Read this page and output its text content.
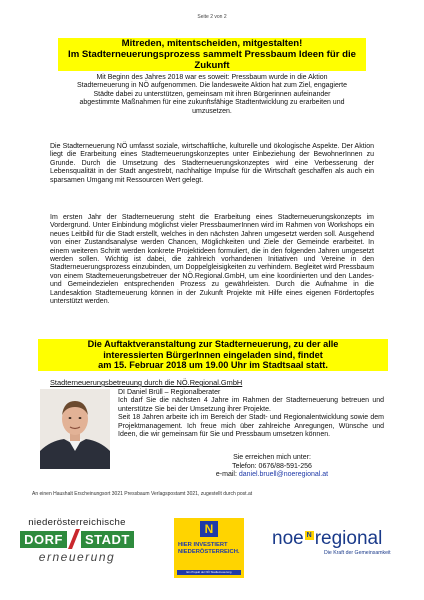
Seite 2 von 2
Mitreden, mitentscheiden, mitgestalten!
Im Stadterneuerungsprozess sammelt Pressbaum Ideen für die
Zukunft
Mit Beginn des Jahres 2018 war es soweit: Pressbaum wurde in die Aktion
Stadterneuerung in NÖ aufgenommen. Die landesweite Aktion hat zum Ziel, engagierte
Städte dabei zu unterstützen, gemeinsam mit ihren Bürgerinnen aufeinander
abgestimmte Maßnahmen für eine zukunftsfähige Stadtentwicklung zu erarbeiten und
umzusetzen.
Die Stadterneuerung NÖ umfasst soziale, wirtschaftliche, kulturelle und ökologische Aspekte. Der Aktion liegt die Erarbeitung eines Stadterneuerungskonzeptes unter Einbeziehung der BewohnerInnen zu Grunde. Durch die Umsetzung des Stadterneuerungskonzeptes wird eine Verbesserung der Lebensqualität in der Stadt angestrebt, nachhaltige Impulse für die Wirtschaft geschaffen als auch ein sparsamen Umgang mit Ressourcen Wert gelegt.
Im ersten Jahr der Stadterneuerung steht die Erarbeitung eines Stadterneuerungskonzepts im Vordergrund. Unter Einbindung möglichst vieler PressbaumerInnen wird im Rahmen von Workshops ein neues Leitbild für die Stadt erstellt, welches in den nächsten Jahren umgesetzt werden soll. Ausgehend von einer Zustandsanalyse werden Chancen, Möglichkeiten und Ziele der Gemeinde erarbeitet. In einem weiteren Schritt werden konkrete Projektideen formuliert, die in den folgenden Jahren umgesetzt werden sollen. Wichtig ist dabei, die zahlreich vorhandenen Initiativen und Vereine in den Stadterneuerungsprozess einzubinden, um Doppelgleisigkeiten zu verhindern. Begleitet wird Pressbaum von einem Stadterneuerungsbetreuer der NÖ.Regional.GmbH, um eine koordinierten und den Landes- und Gemeindezielen entsprechenden Prozess zu gewährleisten. Durch die Aufnahme in die Landesaktion Stadterneuerung können in der Zukunft Projekte mit Hilfe eines eigenen Fördertopfes unterstützt werden.
Die Auftaktveranstaltung zur Stadterneuerung, zu der alle
interessierten BürgerInnen eingeladen sind, findet
am 15. Februar 2018 um 19.00 Uhr im Stadtsaal statt.
Stadterneuerungsbetreuung durch die NÖ.Regional.GmbH
DI Daniel Brüll – Regionalberater
Ich darf Sie die nächsten 4 Jahre im Rahmen der Stadterneuerung betreuen und unterstütze Sie bei der Umsetzung ihrer Projekte.
Seit 18 Jahren arbeite ich im Bereich der Stadt- und Regionalentwicklung sowie dem Projektmanagement. Ich freue mich über zahlreiche Anregungen, Wünsche und Ideen, die wir gemeinsam für Sie und Pressbaum umsetzen können.
Sie erreichen mich unter:
Telefon: 0676/88-591-256
e-mail: daniel.bruell@noeregional.at
An einen Haushalt Erscheinungsort 3021 Pressbaum Verlagspostamt 3021, zugestellt durch post.at
niederösterreichische
DORF	STADT
erneuerung
N
HIER INVESTIERT
NIEDERÖSTERREICH.
Ein Projekt der NÖ Stadterneuerung
noe N regional
Die Kraft der Gemeinsamkeit
